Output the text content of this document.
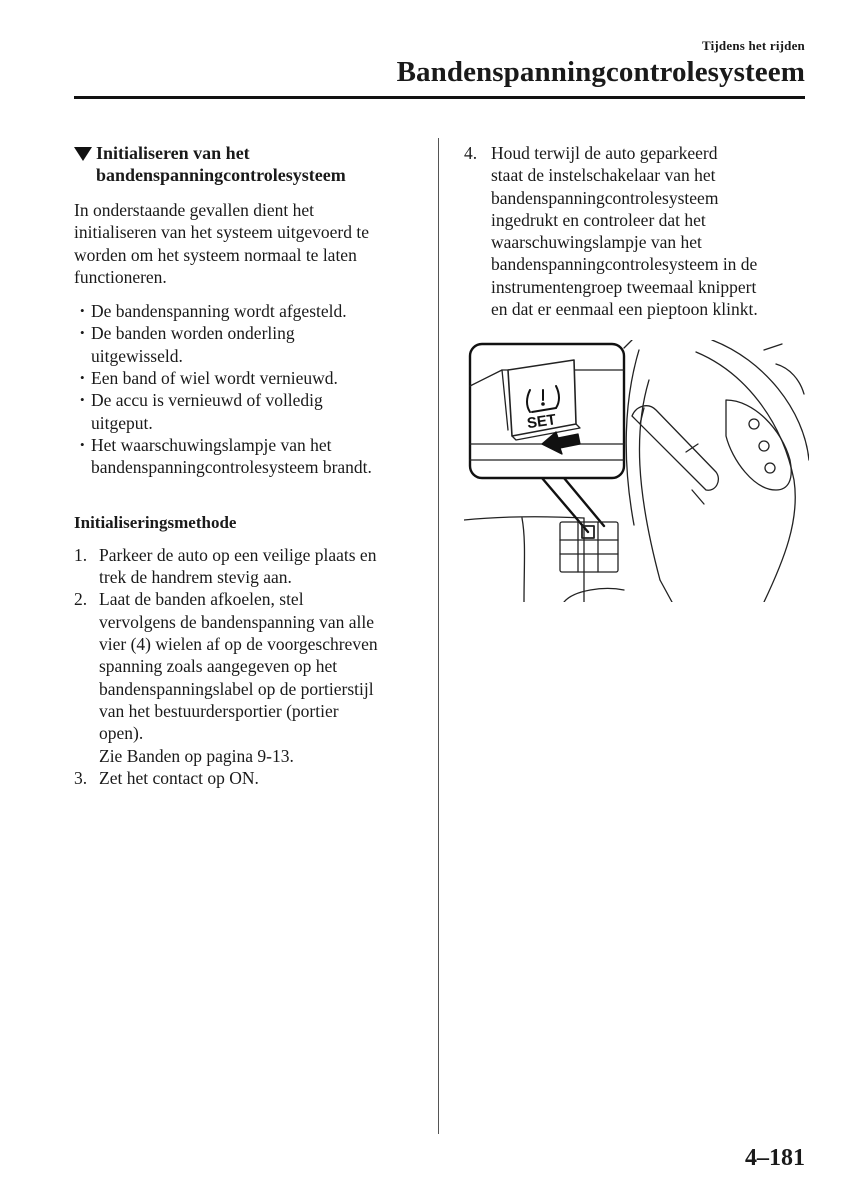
Tijdens het rijden
Bandenspanningcontrolesysteem
Initialiseren van het
bandenspanningcontrolesysteem

In onderstaande gevallen dient het
initialiseren van het systeem uitgevoerd te
worden om het systeem normaal te laten
functioneren.

• De bandenspanning wordt afgesteld.
• De banden worden onderling
uitgewisseld.
• Een band of wiel wordt vernieuwd.
• De accu is vernieuwd of volledig
uitgeput.
• Het waarschuwingslampje van het
bandenspanningcontrolesysteem brandt.
Initialiseringsmethode
1. Parkeer de auto op een veilige plaats en
trek de handrem stevig aan.
2. Laat de banden afkoelen, stel
vervolgens de bandenspanning van alle
vier (4) wielen af op de voorgeschreven
spanning zoals aangegeven op het
bandenspanningslabel op de portierstijl
van het bestuurdersportier (portier
open).
Zie Banden op pagina 9-13.
3. Zet het contact op ON.
4. Houd terwijl de auto geparkeerd
staat de instelschakelaar van het
bandenspanningcontrolesysteem
ingedrukt en controleer dat het
waarschuwingslampje van het
bandenspanningcontrolesysteem in de
instrumentengroep tweemaal knippert
en dat er eenmaal een pieptoon klinkt.
SET
4–181
